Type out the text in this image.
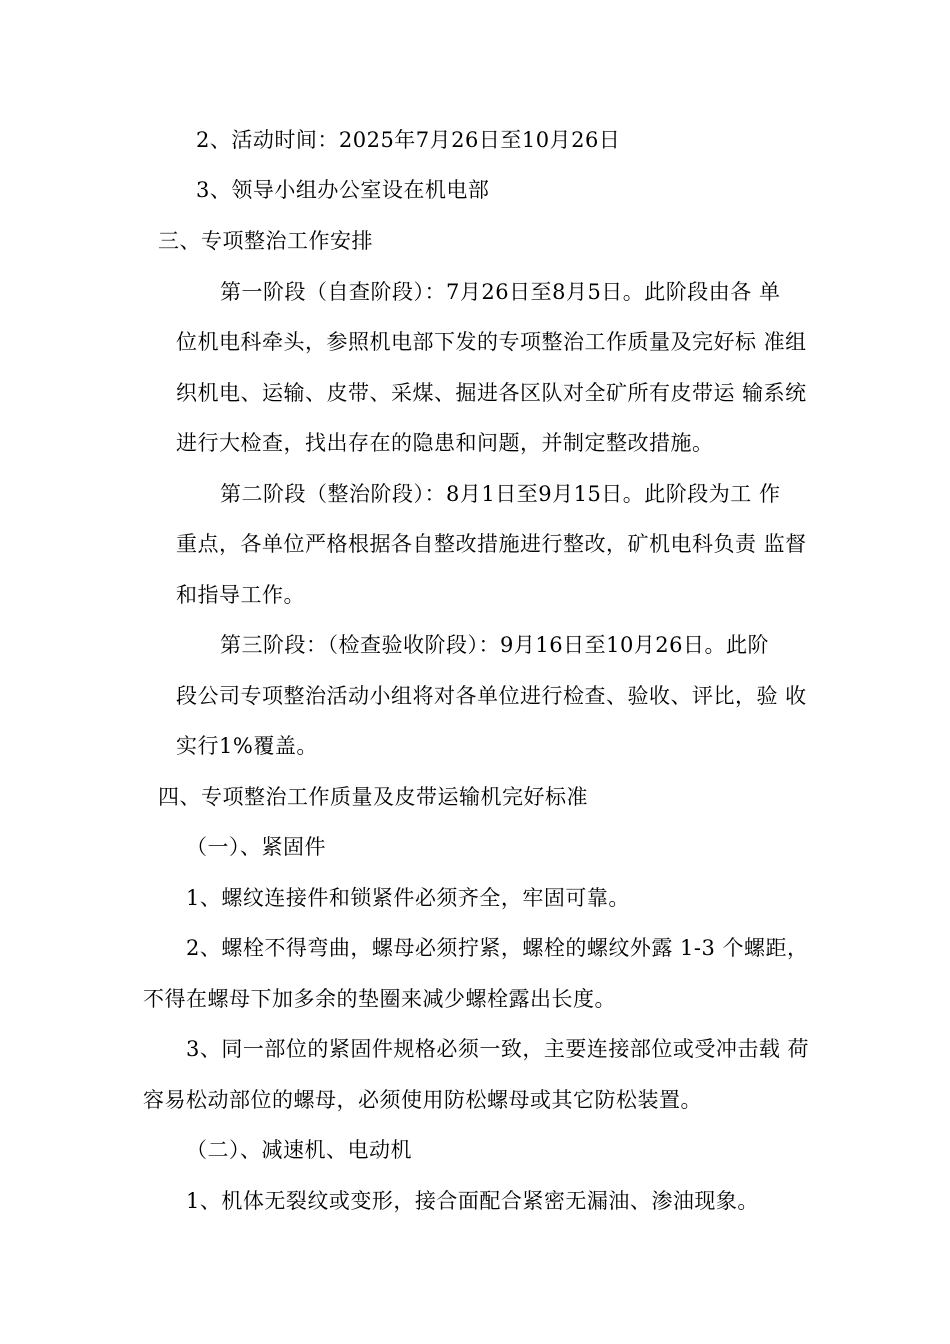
2、活动时间：2025年7月26日至10月26日
3、领导小组办公室设在机电部
三、专项整治工作安排
第一阶段（自查阶段）：7月26日至8月5日。此阶段由各 单
位机电科牵头，参照机电部下发的专项整治工作质量及完好标 准组
织机电、运输、皮带、采煤、掘进各区队对全矿所有皮带运 输系统
进行大检查，找出存在的隐患和问题，并制定整改措施。
第二阶段（整治阶段）：8月1日至9月15日。此阶段为工 作
重点，各单位严格根据各自整改措施进行整改，矿机电科负责 监督
和指导工作。
第三阶段：（检查验收阶段）：9月16日至10月26日。此阶
段公司专项整治活动小组将对各单位进行检查、验收、评比，验 收
实行1%覆盖。
四、专项整治工作质量及皮带运输机完好标准
（一）、紧固件
1、螺纹连接件和锁紧件必须齐全，牢固可靠。
2、螺栓不得弯曲，螺母必须拧紧，螺栓的螺纹外露 1-3 个螺距，
不得在螺母下加多余的垫圈来减少螺栓露出长度。
3、同一部位的紧固件规格必须一致，主要连接部位或受冲击载 荷
容易松动部位的螺母，必须使用防松螺母或其它防松装置。
（二）、减速机、电动机
1、机体无裂纹或变形，接合面配合紧密无漏油、渗油现象。
